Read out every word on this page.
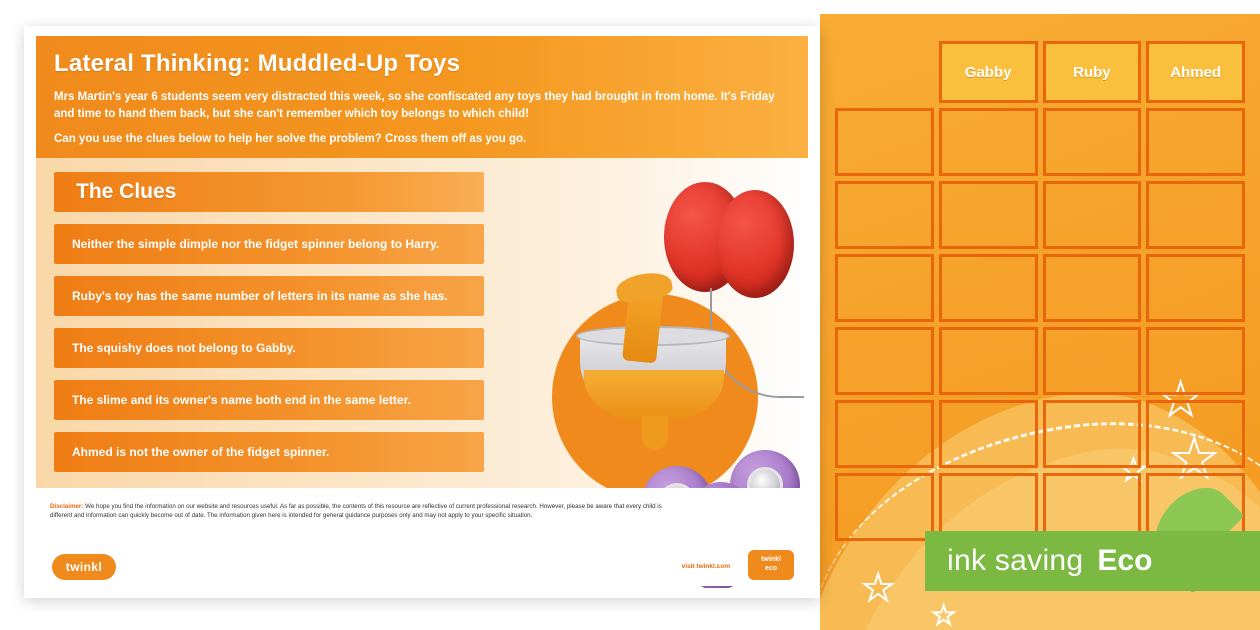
★
★ ★
★
★
	Gabby	Ruby	Ahmed

ink saving Eco
Lateral Thinking: Muddled-Up Toys

Mrs Martin's year 6 students seem very distracted this week, so she confiscated any toys they had brought in from home. It's Friday and time to hand them back, but she can't remember which toy belongs to which child!

Can you use the clues below to help her solve the problem? Cross them off as you go.

The Clues
Neither the simple dimple nor the fidget spinner belong to Harry.
Ruby's toy has the same number of letters in its name as she has.
The squishy does not belong to Gabby.
The slime and its owner's name both end in the same letter.
Ahmed is not the owner of the fidget spinner.

Disclaimer: We hope you find the information on our website and resources useful. As far as possible, the contents of this resource are reflective of current professional research. However, please be aware that every child is different and information can quickly become out of date. The information given here is intended for general guidance purposes only and may not apply to your specific situation.

twinkl	visit twinkl.com
twinkl
eco
